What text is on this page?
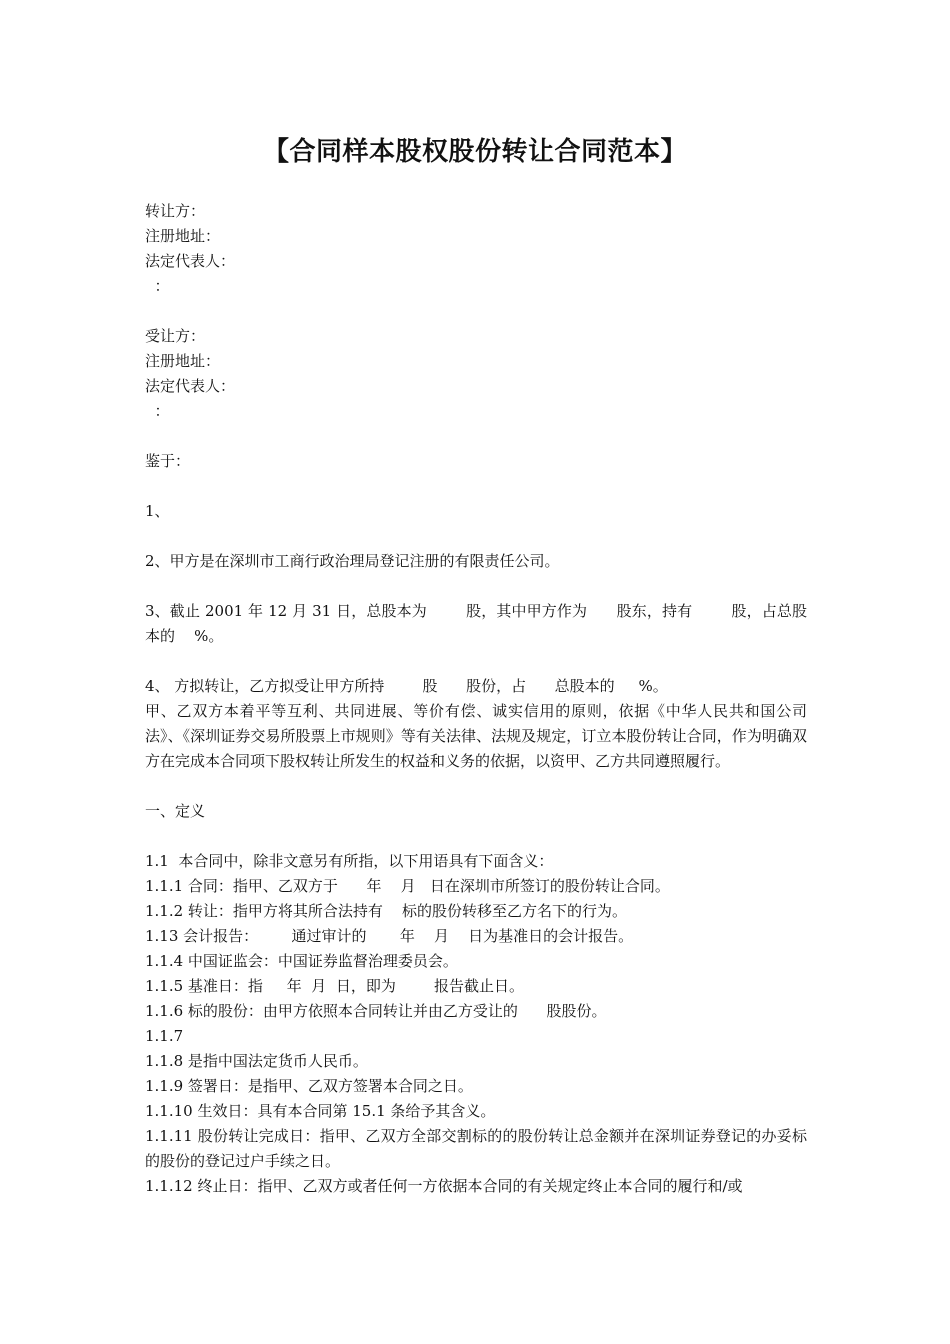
【合同样本股权股份转让合同范本】
转让方：
注册地址：
法定代表人：
：
受让方：
注册地址：
法定代表人：
：
鉴于：
1、
2、甲方是在深圳市工商行政治理局登记注册的有限责任公司。
3、截止 2001 年 12 月 31 日，总股本为        股，其中甲方作为      股东，持有        股，占总股本的    %。
4、 方拟转让，乙方拟受让甲方所持        股      股份，占      总股本的     %。
甲、乙双方本着平等互利、共同进展、等价有偿、诚实信用的原则，依据《中华人民共和国公司法》、《深圳证券交易所股票上市规则》等有关法律、法规及规定，订立本股份转让合同，作为明确双方在完成本合同项下股权转让所发生的权益和义务的依据，以资甲、乙方共同遵照履行。
一、定义
1.1  本合同中，除非文意另有所指，以下用语具有下面含义：
1.1.1 合同：指甲、乙双方于      年    月   日在深圳市所签订的股份转让合同。
1.1.2 转让：指甲方将其所合法持有    标的股份转移至乙方名下的行为。
1.13 会计报告：       通过审计的       年    月    日为基准日的会计报告。
1.1.4 中国证监会：中国证券监督治理委员会。
1.1.5 基准日：指     年  月  日，即为        报告截止日。
1.1.6 标的股份：由甲方依照本合同转让并由乙方受让的      股股份。
1.1.7
1.1.8 是指中国法定货币人民币。
1.1.9 签署日：是指甲、乙双方签署本合同之日。
1.1.10 生效日：具有本合同第 15.1 条给予其含义。
1.1.11 股份转让完成日：指甲、乙双方全部交割标的的股份转让总金额并在深圳证券登记的办妥标的股份的登记过户手续之日。
1.1.12 终止日：指甲、乙双方或者任何一方依据本合同的有关规定终止本合同的履行和/或
